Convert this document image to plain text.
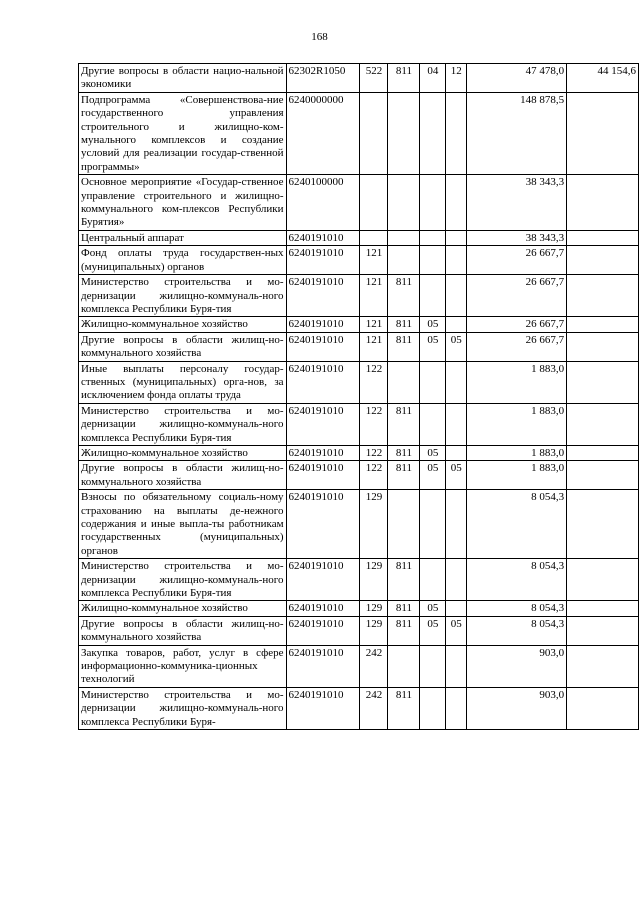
168
Другие вопросы в области нацио-нальной экономики	62302R1050	522	811	04	12	47 478,0	44 154,6
Подпрограмма «Совершенствова-ние государственного управления строительного и жилищно-ком-мунального комплексов и создание условий для реализации государ-ственной программы»	6240000000					148 878,5	
Основное мероприятие «Государ-ственное управление строительного и жилищно-коммунального ком-плексов Республики Бурятия»	6240100000					38 343,3	
Центральный аппарат	6240191010					38 343,3	
Фонд оплаты труда государствен-ных (муниципальных) органов	6240191010	121				26 667,7	
Министерство строительства и мо-дернизации жилищно-коммуналь-ного комплекса Республики Буря-тия	6240191010	121	811			26 667,7	
Жилищно-коммунальное хозяйство	6240191010	121	811	05		26 667,7	
Другие вопросы в области жилищ-но-коммунального хозяйства	6240191010	121	811	05	05	26 667,7	
Иные выплаты персоналу государ-ственных (муниципальных) орга-нов, за исключением фонда оплаты труда	6240191010	122				1 883,0	
Министерство строительства и мо-дернизации жилищно-коммуналь-ного комплекса Республики Буря-тия	6240191010	122	811			1 883,0	
Жилищно-коммунальное хозяйство	6240191010	122	811	05		1 883,0	
Другие вопросы в области жилищ-но-коммунального хозяйства	6240191010	122	811	05	05	1 883,0	
Взносы по обязательному социаль-ному страхованию на выплаты де-нежного содержания и иные выпла-ты работникам государственных (муниципальных) органов	6240191010	129				8 054,3	
Министерство строительства и мо-дернизации жилищно-коммуналь-ного комплекса Республики Буря-тия	6240191010	129	811			8 054,3	
Жилищно-коммунальное хозяйство	6240191010	129	811	05		8 054,3	
Другие вопросы в области жилищ-но-коммунального хозяйства	6240191010	129	811	05	05	8 054,3	
Закупка товаров, работ, услуг в сфере информационно-коммуника-ционных технологий	6240191010	242				903,0	
Министерство строительства и мо-дернизации жилищно-коммуналь-ного комплекса Республики Буря-	6240191010	242	811			903,0	
